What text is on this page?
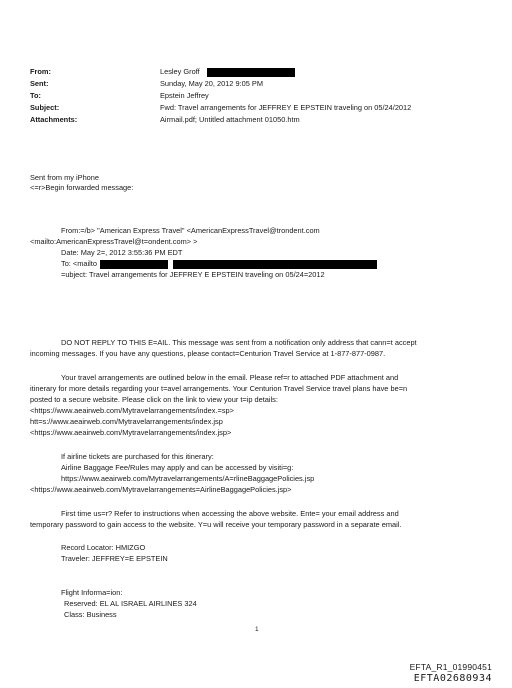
From:
Sent:
To:
Subject:
Attachments:
Lesley Groff
Sunday, May 20, 2012 9:05 PM
Epstein Jeffrey
Fwd: Travel arrangements for JEFFREY E EPSTEIN traveling on 05/24/2012
Airmail.pdf; Untitled attachment 01050.htm
Sent from my iPhone
<=r>Begin forwarded message:
From:=/b> "American Express Travel" <AmericanExpressTravel@trondent.com
<mailto:AmericanExpressTravel@t=ondent.com> >
Date: May 2=, 2012 3:55:36 PM EDT
To: <mailto
=ubject: Travel arrangements for JEFFREY E EPSTEIN traveling on 05/24=2012
DO NOT REPLY TO THIS E=AIL. This message was sent from a notification only address that cann=t accept
incoming messages. If you have any questions, please contact=Centurion Travel Service at 1-877-877-0987.
Your travel arrangements are outlined below in the email. Please ref=r to attached PDF attachment and
itinerary for more details regarding your t=avel arrangements. Your Centurion Travel Service travel plans have be=n
posted to a secure website. Please click on the link to view your t=ip details:
<https://www.aeairweb.com/Mytravelarrangements/index.=sp>
htt=s://www.aeairweb.com/Mytravelarrangements/index.jsp
<https://www.aeairweb.com/Mytravelarrangements/index.jsp>
If airline tickets are purchased for this itinerary:
Airline Baggage Fee/Rules may apply and can be accessed by visiti=g:
https://www.aeairweb.com/Mytravelarrangements/A=rlineBaggagePolicies.jsp
<https://www.aeairweb.com/Mytravelarrangements=AirlineBaggagePolicies.jsp>
First time us=r? Refer to instructions when accessing the above website. Ente= your email address and
temporary password to gain access to the website. Y=u will receive your temporary password in a separate email.
Record Locator: HMIZGO
Traveler: JEFFREY=E EPSTEIN
Flight Informa=ion:
Reserved: EL AL ISRAEL AIRLINES 324
Class: Business
1
EFTA_R1_01990451
EFTA02680934
